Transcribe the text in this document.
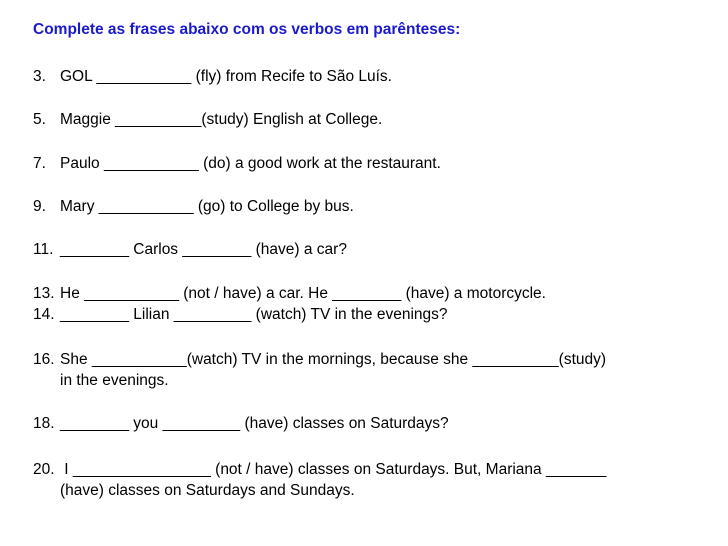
Complete as frases abaixo com os verbos em parênteses:
3. GOL ___________ (fly) from Recife to São Luís.
5. Maggie __________(study) English at College.
7. Paulo ___________ (do) a good work at the restaurant.
9. Mary ___________ (go) to College by bus.
11. ________ Carlos ________ (have) a car?
13. He ___________ (not / have) a car. He ________ (have) a motorcycle.
14. ________ Lilian _________ (watch) TV in the evenings?
16. She ___________(watch) TV in the mornings, because she __________(study)
in the evenings.
18. ________ you _________ (have) classes on Saturdays?
20. I ________________ (not / have) classes on Saturdays. But, Mariana _______
(have) classes on Saturdays and Sundays.
